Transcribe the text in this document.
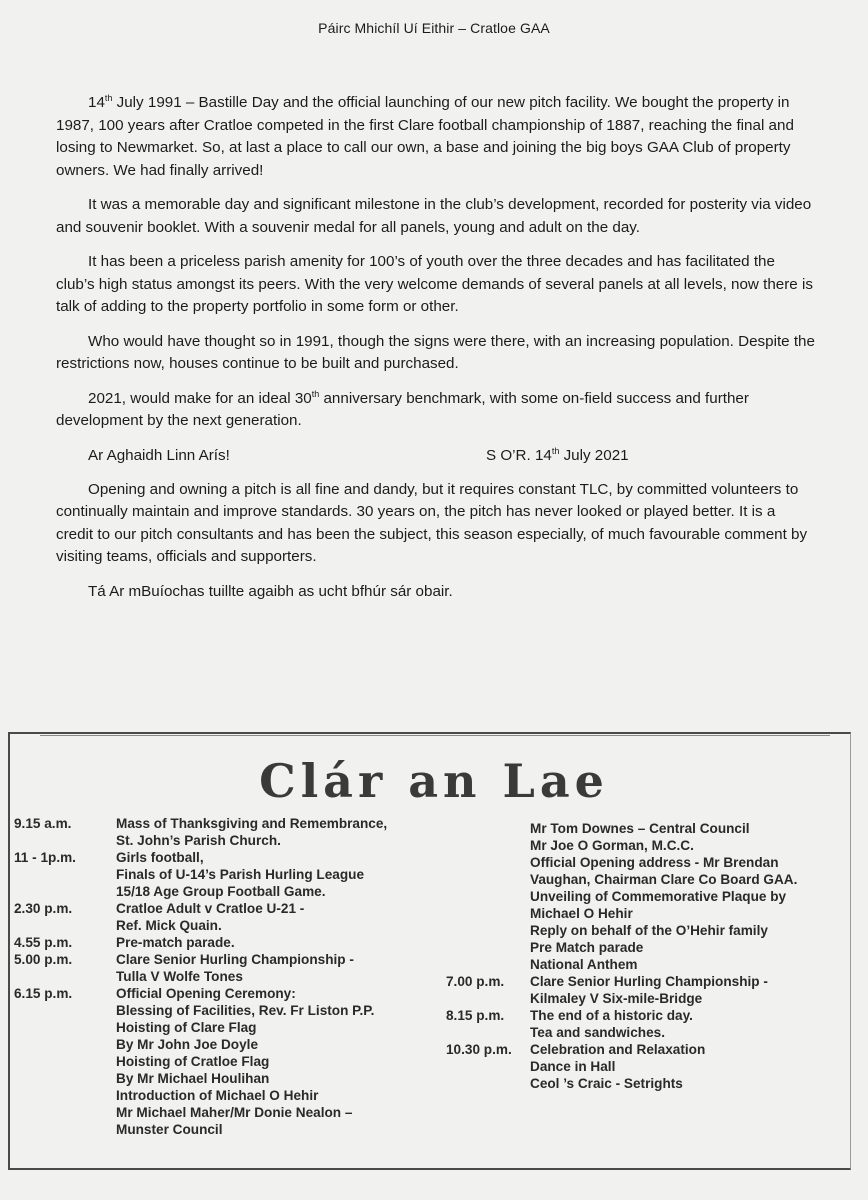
Páirc Mhichíl Uí Eithir – Cratloe GAA

14th July 1991 – Bastille Day and the official launching of our new pitch facility. We bought the property in 1987, 100 years after Cratloe competed in the first Clare football championship of 1887, reaching the final and losing to Newmarket. So, at last a place to call our own, a base and joining the big boys GAA Club of property owners. We had finally arrived!

It was a memorable day and significant milestone in the club’s development, recorded for posterity via video and souvenir booklet. With a souvenir medal for all panels, young and adult on the day.

It has been a priceless parish amenity for 100’s of youth over the three decades and has facilitated the club’s high status amongst its peers. With the very welcome demands of several panels at all levels, now there is talk of adding to the property portfolio in some form or other.

Who would have thought so in 1991, though the signs were there, with an increasing population. Despite the restrictions now, houses continue to be built and purchased.

2021, would make for an ideal 30th anniversary benchmark, with some on-field success and further development by the next generation.

Ar Aghaidh Linn Arís!	S O’R. 14th July 2021

Opening and owning a pitch is all fine and dandy, but it requires constant TLC, by committed volunteers to continually maintain and improve standards. 30 years on, the pitch has never looked or played better. It is a credit to our pitch consultants and has been the subject, this season especially, of much favourable comment by visiting teams, officials and supporters.

Tá Ar mBuíochas tuillte agaibh as ucht bfhúr sár obair.

Clár an Lae
9.15 a.m.	Mass of Thanksgiving and Remembrance,
St. John’s Parish Church.
11 - 1p.m.	Girls football,
Finals of U-14’s Parish Hurling League
15/18 Age Group Football Game.
2.30 p.m.	Cratloe Adult v Cratloe U-21 -
Ref. Mick Quain.
4.55 p.m.	Pre-match parade.
5.00 p.m.	Clare Senior Hurling Championship -
Tulla V Wolfe Tones
6.15 p.m.	Official Opening Ceremony:
Blessing of Facilities, Rev. Fr Liston P.P.
Hoisting of Clare Flag
By Mr John Joe Doyle
Hoisting of Cratloe Flag
By Mr Michael Houlihan
Introduction of Michael O Hehir
Mr Michael Maher/Mr Donie Nealon –
Munster Council
Mr Tom Downes – Central Council
Mr Joe O Gorman, M.C.C.
Official Opening address - Mr Brendan
Vaughan, Chairman Clare Co Board GAA.
Unveiling of Commemorative Plaque by
Michael O Hehir
Reply on behalf of the O’Hehir family
Pre Match parade
National Anthem
7.00 p.m.	Clare Senior Hurling Championship -
Kilmaley V Six-mile-Bridge
8.15 p.m.	The end of a historic day.
Tea and sandwiches.
10.30 p.m.	Celebration and Relaxation
Dance in Hall
Ceol ’s Craic - Setrights
